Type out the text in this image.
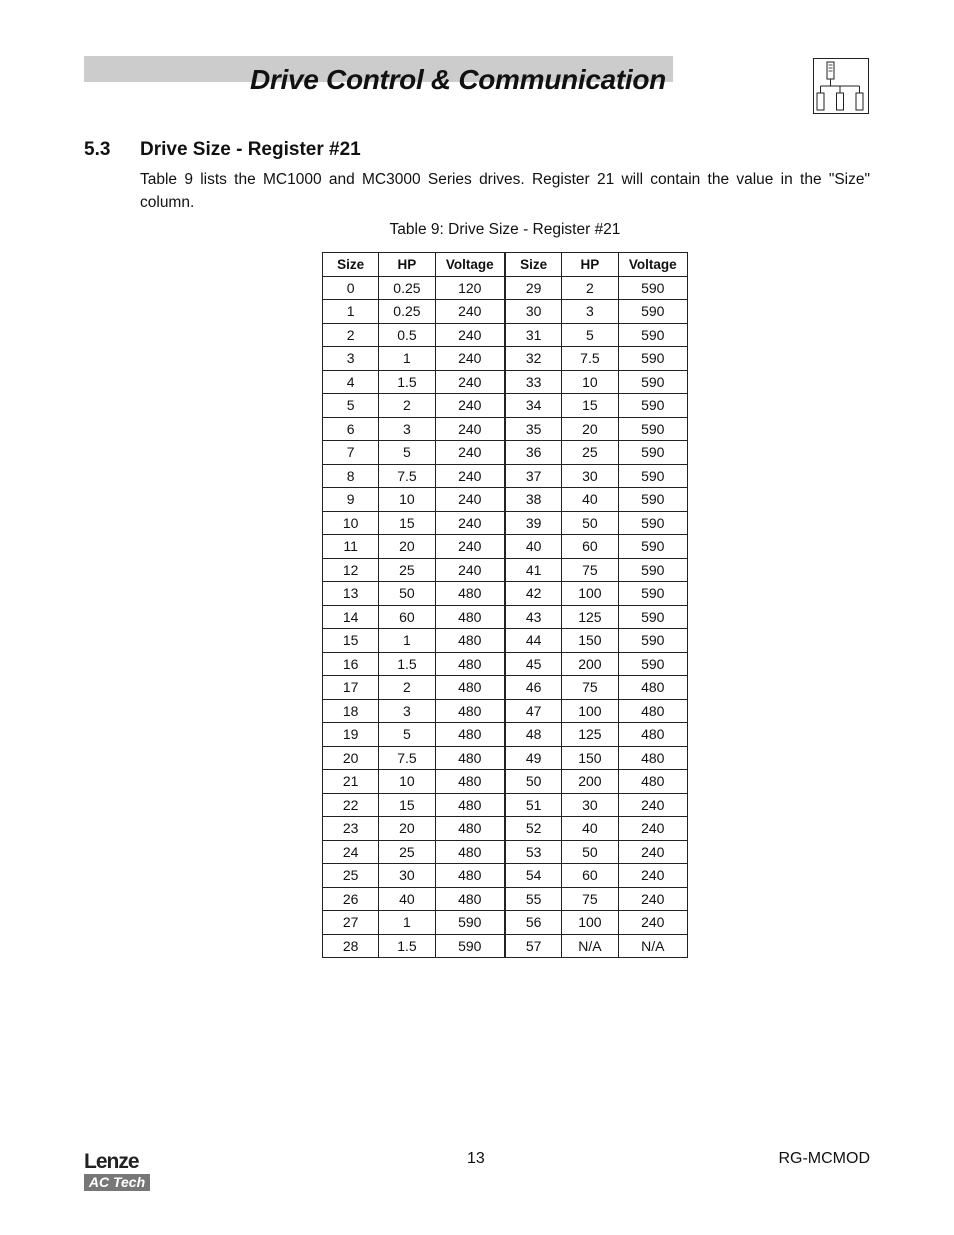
Drive Control & Communication
5.3 Drive Size - Register #21
Table 9 lists the MC1000 and MC3000 Series drives. Register 21 will contain the value in the "Size" column.
Table 9: Drive Size - Register #21
Size	HP	Voltage	Size	HP	Voltage
0	0.25	120	29	2	590
1	0.25	240	30	3	590
2	0.5	240	31	5	590
3	1	240	32	7.5	590
4	1.5	240	33	10	590
5	2	240	34	15	590
6	3	240	35	20	590
7	5	240	36	25	590
8	7.5	240	37	30	590
9	10	240	38	40	590
10	15	240	39	50	590
11	20	240	40	60	590
12	25	240	41	75	590
13	50	480	42	100	590
14	60	480	43	125	590
15	1	480	44	150	590
16	1.5	480	45	200	590
17	2	480	46	75	480
18	3	480	47	100	480
19	5	480	48	125	480
20	7.5	480	49	150	480
21	10	480	50	200	480
22	15	480	51	30	240
23	20	480	52	40	240
24	25	480	53	50	240
25	30	480	54	60	240
26	40	480	55	75	240
27	1	590	56	100	240
28	1.5	590	57	N/A	N/A
Lenze
AC Tech
13	RG-MCMOD
